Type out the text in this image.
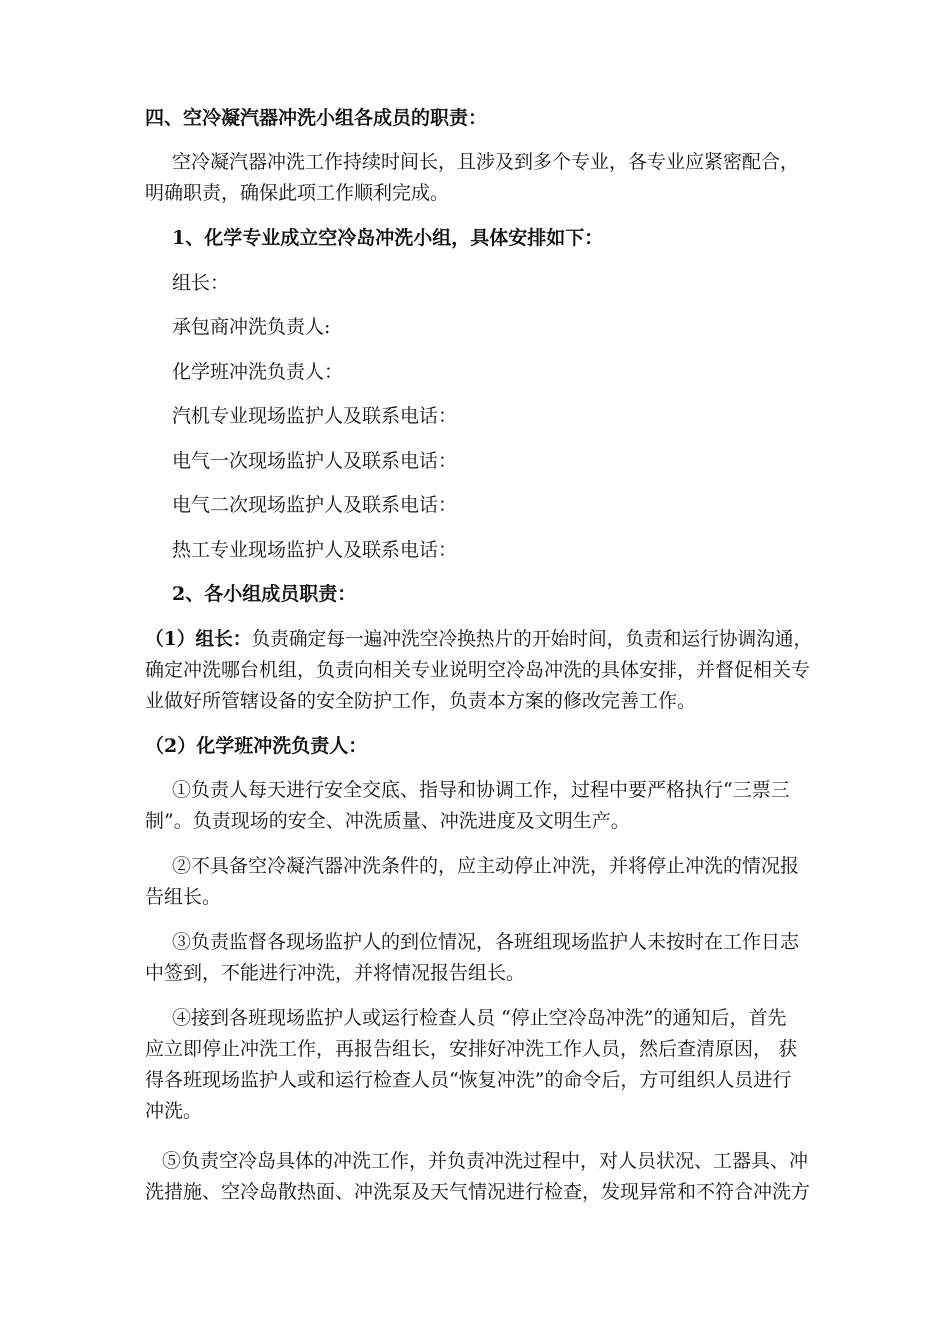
四、空冷凝汽器冲洗小组各成员的职责：
空冷凝汽器冲洗工作持续时间长，且涉及到多个专业，各专业应紧密配合，
明确职责，确保此项工作顺利完成。
1、化学专业成立空冷岛冲洗小组，具体安排如下：
组长：
承包商冲洗负责人:
化学班冲洗负责人：
汽机专业现场监护人及联系电话：
电气一次现场监护人及联系电话：
电气二次现场监护人及联系电话：
热工专业现场监护人及联系电话：
2、各小组成员职责：
（1）组长：负责确定每一遍冲洗空冷换热片的开始时间，负责和运行协调沟通，
确定冲洗哪台机组，负责向相关专业说明空冷岛冲洗的具体安排，并督促相关专
业做好所管辖设备的安全防护工作，负责本方案的修改完善工作。
（2）化学班冲洗负责人：
①负责人每天进行安全交底、指导和协调工作，过程中要严格执行“三票三
制”。负责现场的安全、冲洗质量、冲洗进度及文明生产。
②不具备空冷凝汽器冲洗条件的，应主动停止冲洗，并将停止冲洗的情况报
告组长。
③负责监督各现场监护人的到位情况，各班组现场监护人未按时在工作日志
中签到，不能进行冲洗，并将情况报告组长。
④接到各班现场监护人或运行检查人员 “停止空冷岛冲洗”的通知后，首先
应立即停止冲洗工作，再报告组长，安排好冲洗工作人员，然后查清原因， 获
得各班现场监护人或和运行检查人员“恢复冲洗”的命令后，方可组织人员进行
冲洗。
⑤负责空冷岛具体的冲洗工作，并负责冲洗过程中，对人员状况、工器具、冲
洗措施、空冷岛散热面、冲洗泵及天气情况进行检查，发现异常和不符合冲洗方
